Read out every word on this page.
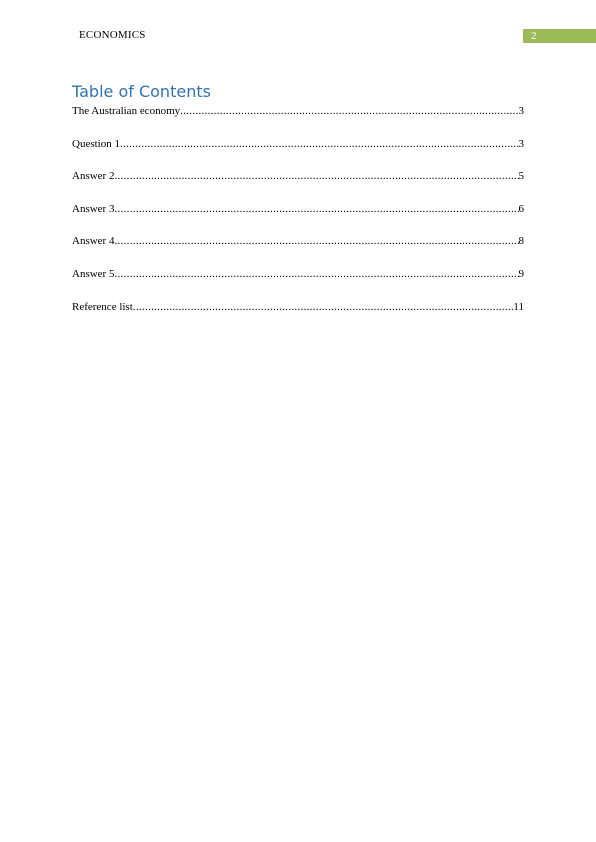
ECONOMICS	2
Table of Contents
The Australian economy .....	3
Question 1 .....	3
Answer 2 .....	5
Answer 3 .....	6
Answer 4 .....	8
Answer 5 .....	9
Reference list .....	11
